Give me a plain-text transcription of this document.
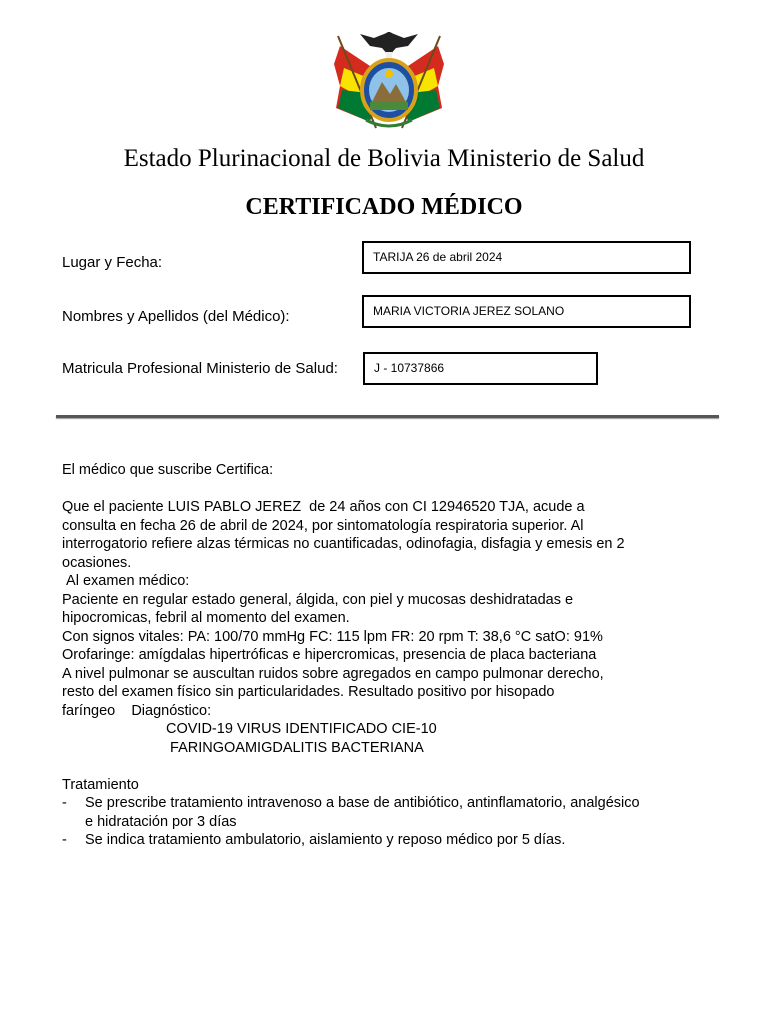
Estado Plurinacional de Bolivia Ministerio de Salud
CERTIFICADO MÉDICO
Lugar y Fecha:	TARIJA 26 de abril 2024
Nombres y Apellidos (del Médico):	MARIA VICTORIA JEREZ SOLANO
Matricula Profesional Ministerio de Salud:	J - 10737866

El médico que suscribe Certifica:

Que el paciente LUIS PABLO JEREZ  de 24 años con CI 12946520 TJA, acude a

consulta en fecha 26 de abril de 2024, por sintomatología respiratoria superior. Al

interrogatorio refiere alzas térmicas no cuantificadas, odinofagia, disfagia y emesis en 2

ocasiones.

Al examen médico:

Paciente en regular estado general, álgida, con piel y mucosas deshidratadas e

hipocromicas, febril al momento del examen.

Con signos vitales: PA: 100/70 mmHg FC: 115 lpm FR: 20 rpm T: 38,6 °C satO: 91%

Orofaringe: amígdalas hipertróficas e hipercromicas, presencia de placa bacteriana

A nivel pulmonar se auscultan ruidos sobre agregados en campo pulmonar derecho,

resto del examen físico sin particularidades. Resultado positivo por hisopado

faríngeo    Diagnóstico:

COVID-19 VIRUS IDENTIFICADO CIE-10

FARINGOAMIGDALITIS BACTERIANA

Tratamiento

-	Se prescribe tratamiento intravenoso a base de antibiótico, antinflamatorio, analgésico

e hidratación por 3 días

-	Se indica tratamiento ambulatorio, aislamiento y reposo médico por 5 días.
